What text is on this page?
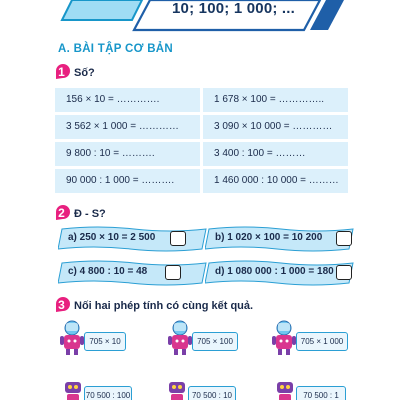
10; 100; 1 000; ...
A. BÀI TẬP CƠ BẢN
1 Số?
156 × 10 = ………….	1 678 × 100 = …………..
3 562 × 1 000 = …………	3 090 × 10 000 = …………
9 800 : 10 = ……….	3 400 : 100 = ………
90 000 : 1 000 = ……….	1 460 000 : 10 000 = ………
2 Đ - S?
a) 250 × 10 = 2 500	b) 1 020 × 100 = 10 200
c) 4 800 : 10 = 48	d) 1 080 000 : 1 000 = 180
3 Nối hai phép tính có cùng kết quả.
705 × 10	705 × 100	705 × 1 000
70 500 : 100	70 500 : 10	70 500 : 1
